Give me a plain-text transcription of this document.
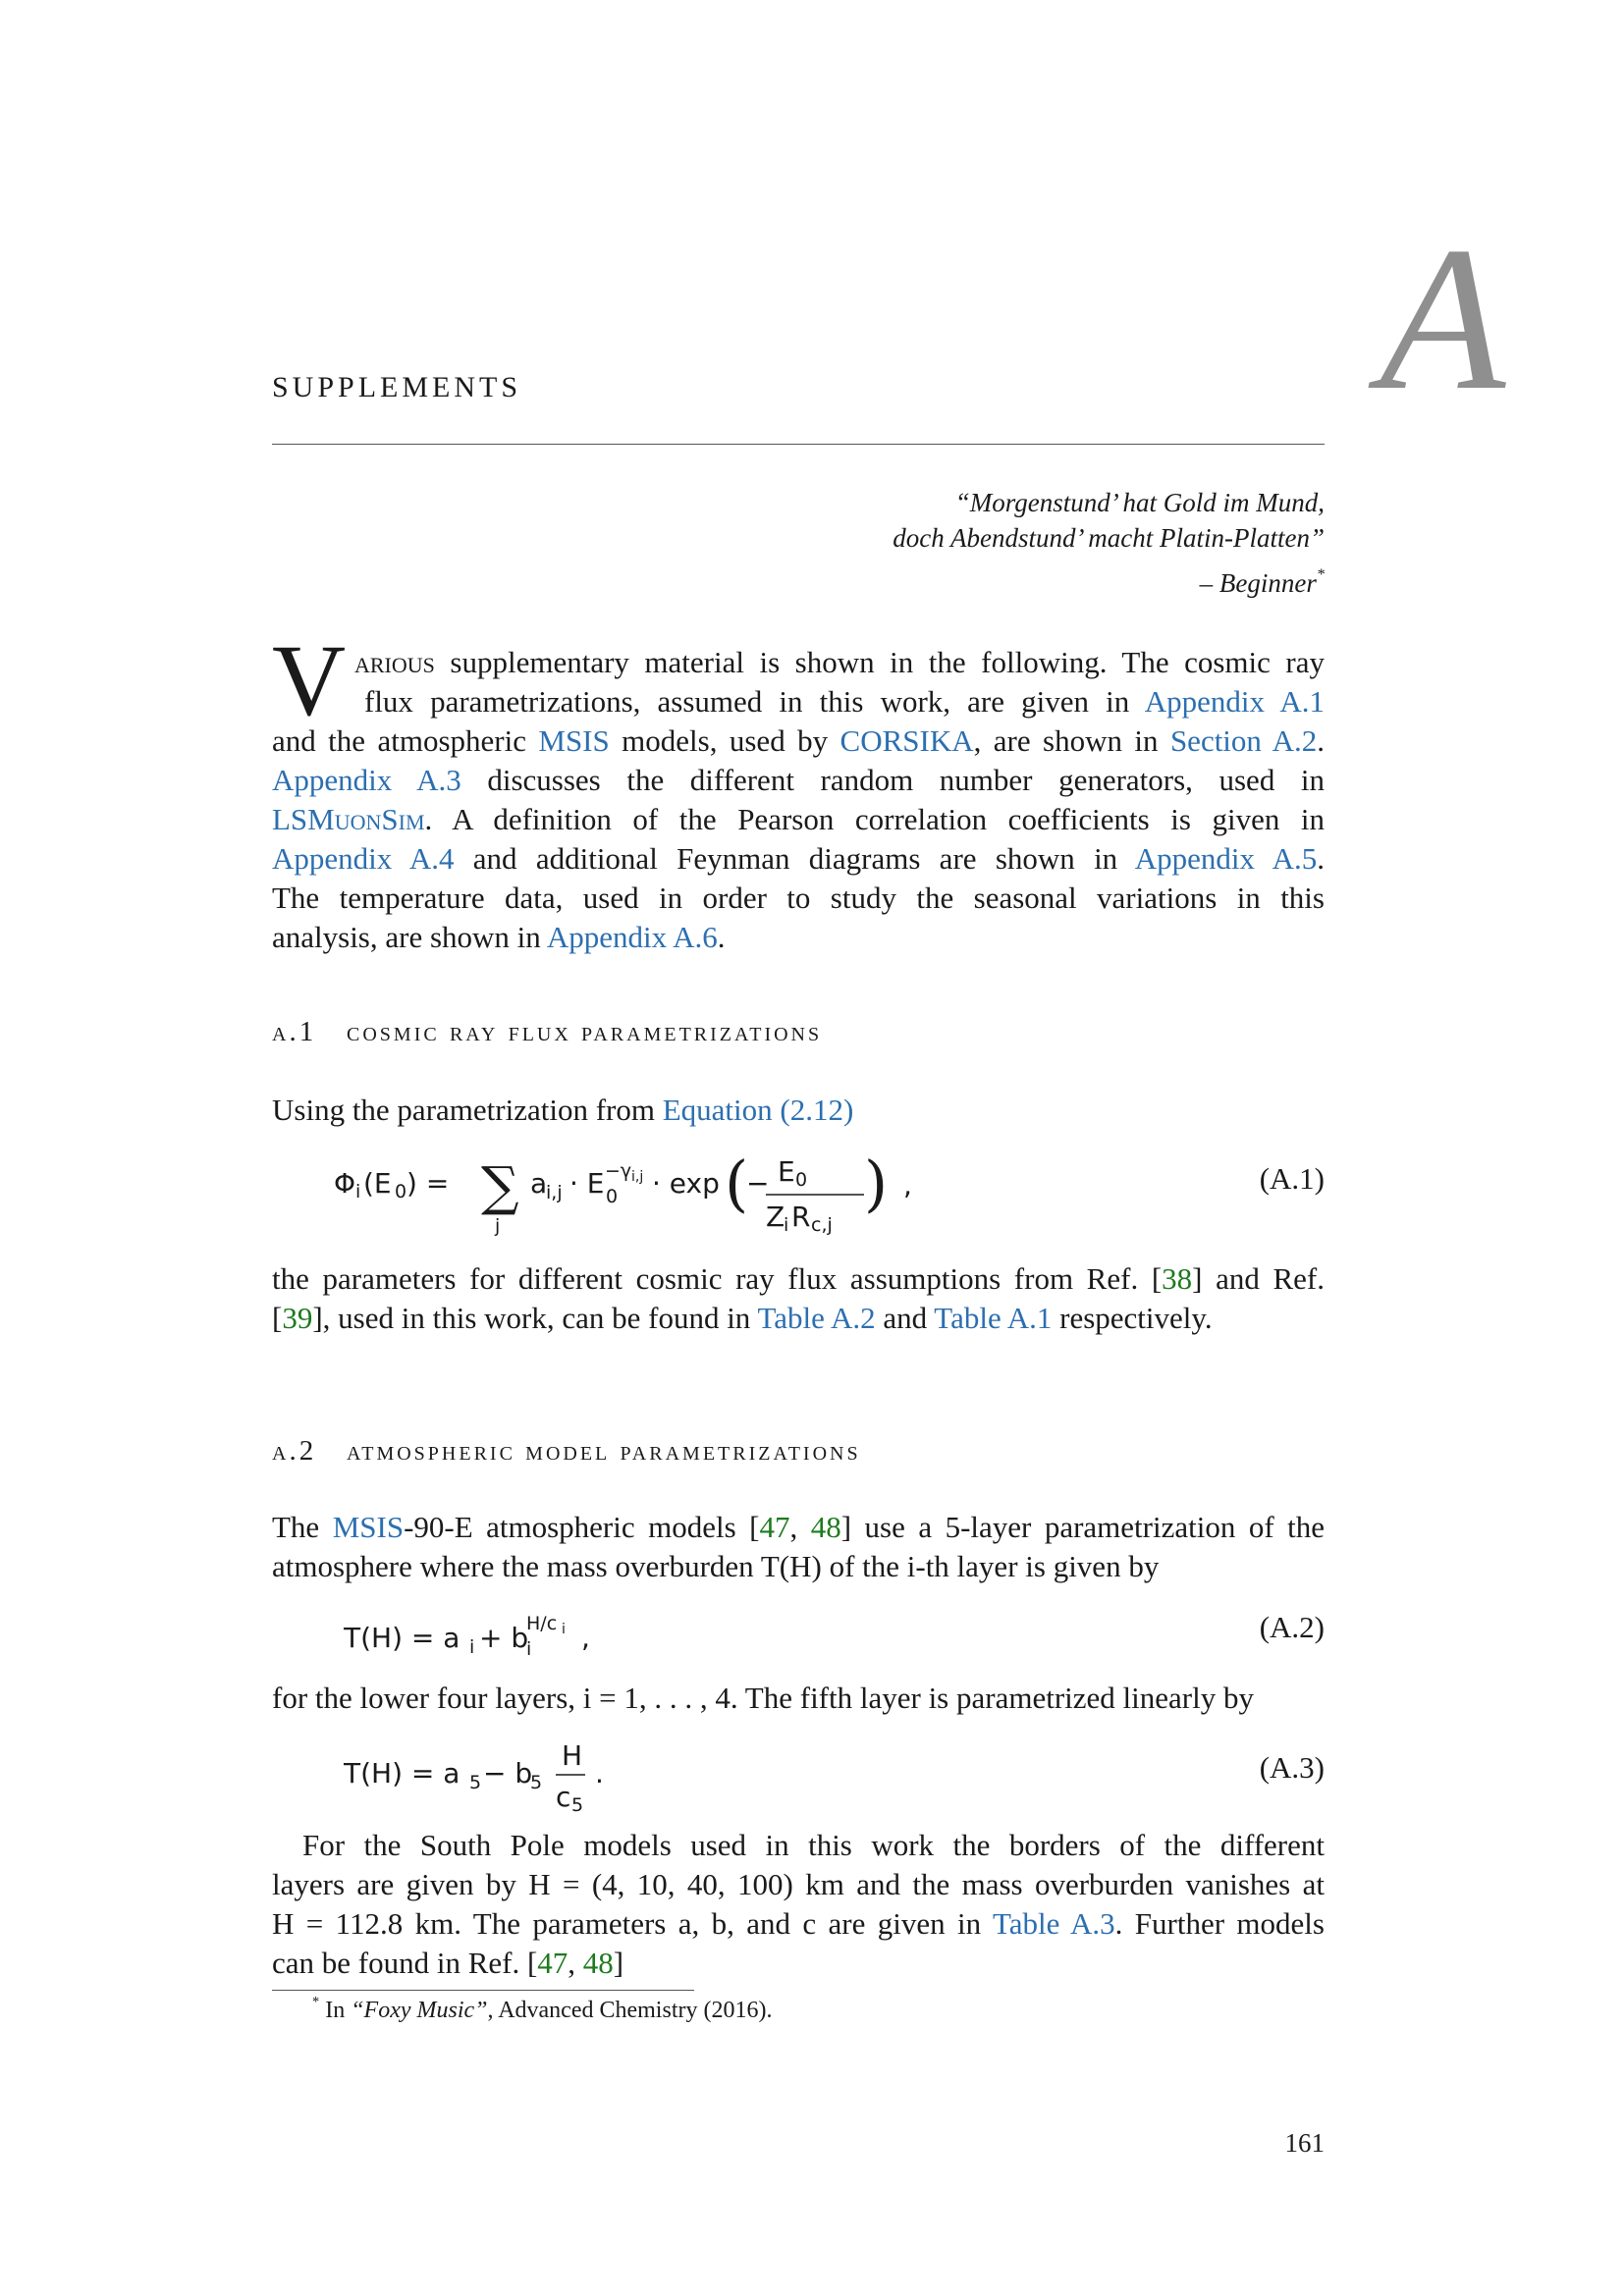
A
SUPPLEMENTS
“Morgenstund’ hat Gold im Mund,
doch Abendstund’ macht Platin-Platten”
– Beginner*
V arious supplementary material is shown in the following. The cosmic ray
flux parametrizations, assumed in this work, are given in Appendix A.1
and the atmospheric MSIS models, used by CORSIKA, are shown in Section A.2.
Appendix A.3 discusses the different random number generators, used in
LSMuonSim. A definition of the Pearson correlation coefficients is given in
Appendix A.4 and additional Feynman diagrams are shown in Appendix A.5.
The temperature data, used in order to study the seasonal variations in this
analysis, are shown in Appendix A.6.
a.1 cosmic ray flux parametrizations
Using the parametrization from Equation (2.12)
Φ i (E 0 ) = ∑
j
a
i,j · E 0
−γ i,j · exp (
− E 0
Z
i R c,j
) ,	(A.1)
the parameters for different cosmic ray flux assumptions from Ref. [38] and Ref.
[39], used in this work, can be found in Table A.2 and Table A.1 respectively.
a.2 atmospheric model parametrizations
The MSIS-90-E atmospheric models [47, 48] use a 5-layer parametrization of the
atmosphere where the mass overburden T(H) of the i-th layer is given by
T(H) = a i + b
i
H/c i ,	(A.2)
for the lower four layers, i = 1, . . . , 4. The fifth layer is parametrized linearly by
T(H) = a 5 − b
5
H
c 5
.	(A.3)
For the South Pole models used in this work the borders of the different
layers are given by H = (4, 10, 40, 100) km and the mass overburden vanishes at
H = 112.8 km. The parameters a, b, and c are given in Table A.3. Further models
can be found in Ref. [47, 48]
* In “Foxy Music”, Advanced Chemistry (2016).
161
